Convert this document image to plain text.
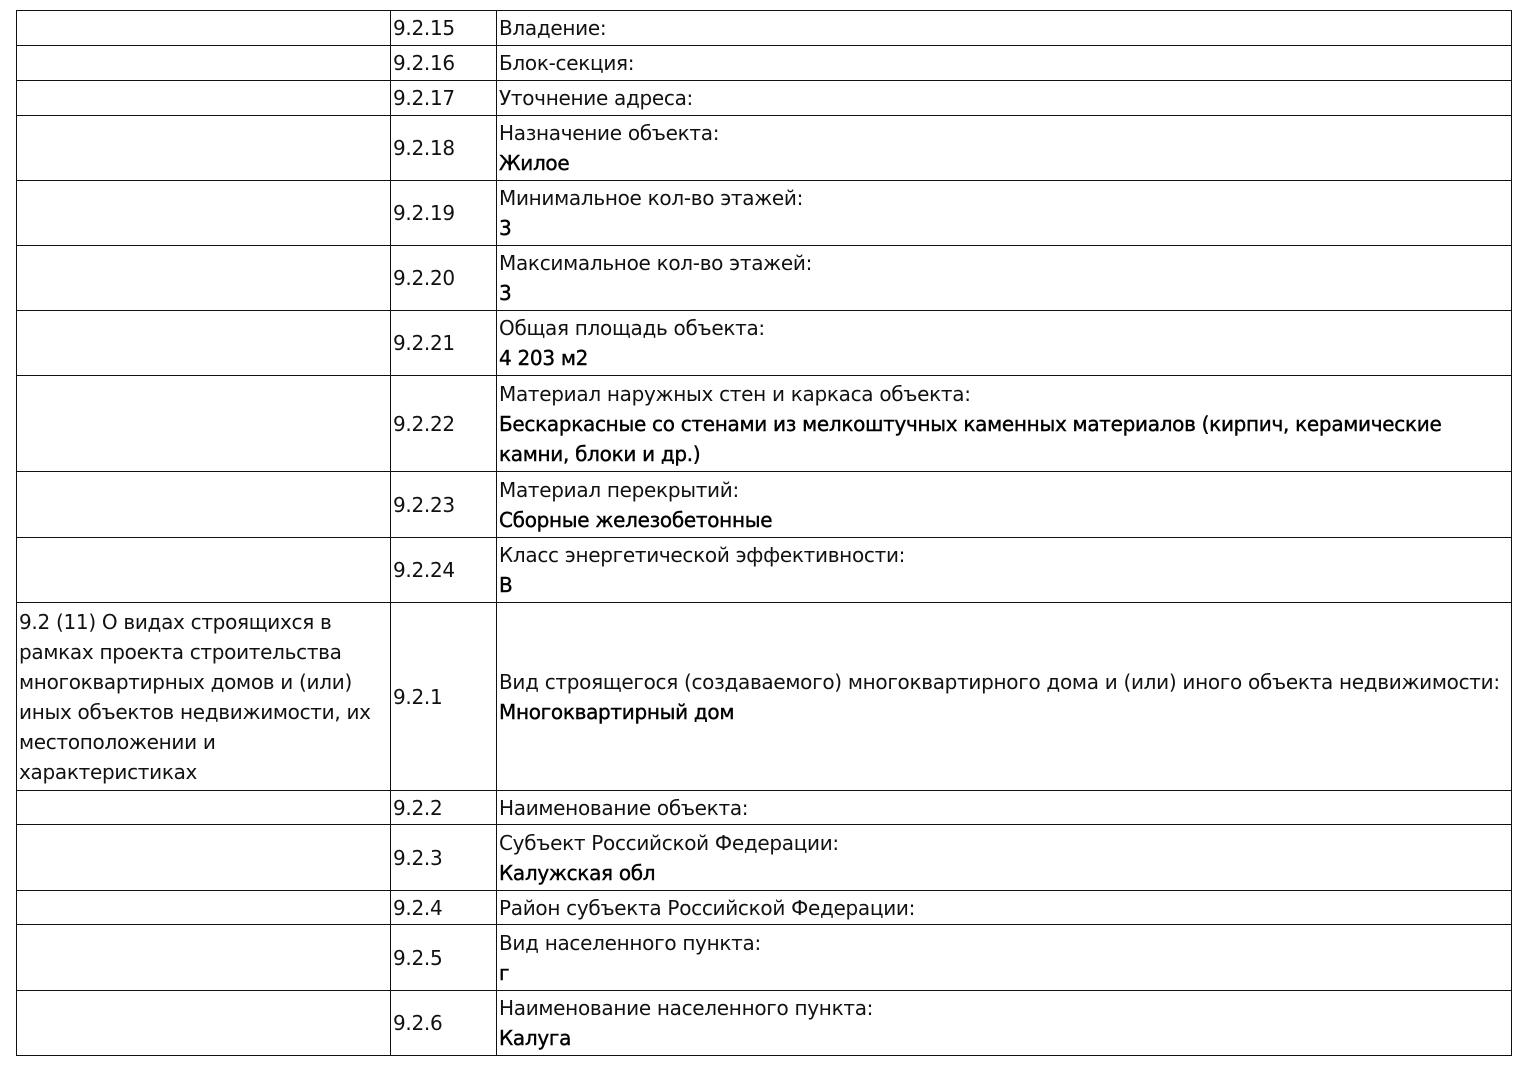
	9.2.15	Владение:

	9.2.16	Блок-секция:

	9.2.17	Уточнение адреса:

	9.2.18	Назначение объекта:
Жилое

	9.2.19	Минимальное кол-во этажей:
3

	9.2.20	Максимальное кол-во этажей:
3

	9.2.21	Общая площадь объекта:
4 203 м2

	9.2.22	Материал наружных стен и каркаса объекта:
Бескаркасные со стенами из мелкоштучных каменных материалов (кирпич, керамические камни, блоки и др.)

	9.2.23	Материал перекрытий:
Сборные железобетонные

	9.2.24	Класс энергетической эффективности:
В

9.2 (11) О видах строящихся в рамках проекта строительства многоквартирных домов и (или) иных объектов недвижимости, их местоположении и характеристиках	9.2.1	Вид строящегося (создаваемого) многоквартирного дома и (или) иного объекта недвижимости:
Многоквартирный дом

	9.2.2	Наименование объекта:

	9.2.3	Субъект Российской Федерации:
Калужская обл

	9.2.4	Район субъекта Российской Федерации:

	9.2.5	Вид населенного пункта:
г

	9.2.6	Наименование населенного пункта:
Калуга
